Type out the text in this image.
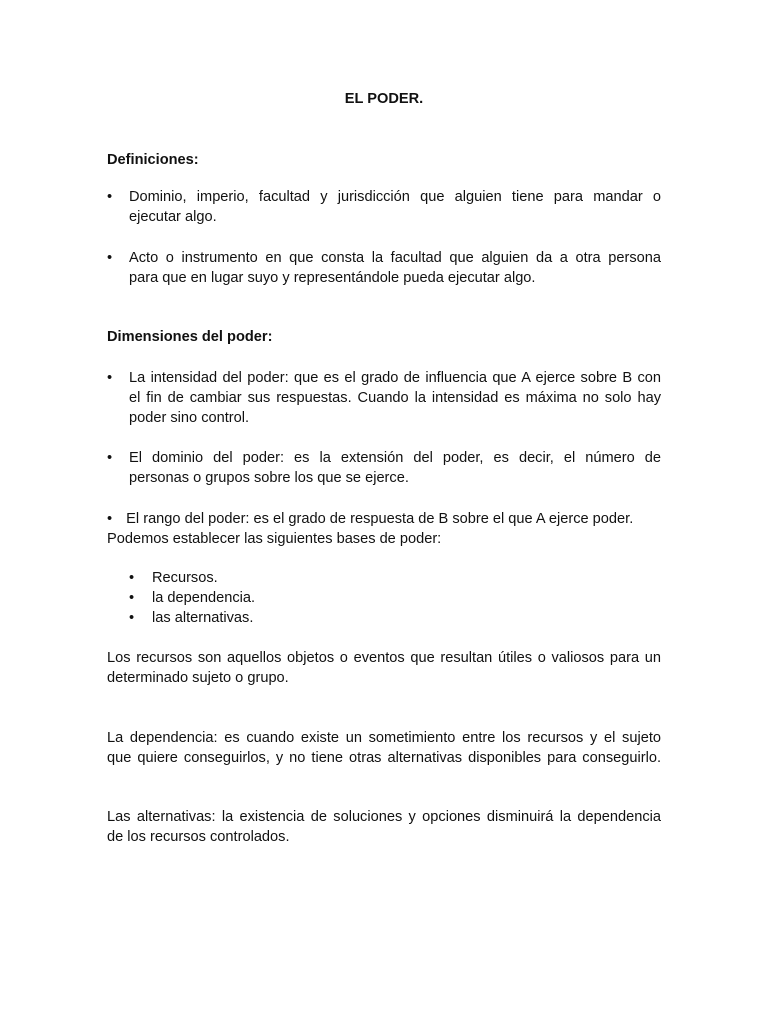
EL PODER.
Definiciones:
• Dominio, imperio, facultad y jurisdicción que alguien tiene para mandar o
ejecutar algo.
• Acto o instrumento en que consta la facultad que alguien da a otra persona
para que en lugar suyo y representándole pueda ejecutar algo.
Dimensiones del poder:
• La intensidad del poder: que es el grado de influencia que A ejerce sobre B con
el fin de cambiar sus respuestas. Cuando la intensidad es máxima no solo hay
poder sino control.
• El dominio del poder: es la extensión del poder, es decir, el número de
personas o grupos sobre los que se ejerce.
• El rango del poder: es el grado de respuesta de B sobre el que A ejerce poder.
Podemos establecer las siguientes bases de poder:
• Recursos.
• la dependencia.
• las alternativas.
Los recursos son aquellos objetos o eventos que resultan útiles o valiosos para un
determinado sujeto o grupo.
La dependencia: es cuando existe un sometimiento entre los recursos y el sujeto
que quiere conseguirlos, y no tiene otras alternativas disponibles para conseguirlo.
Las alternativas: la existencia de soluciones y opciones disminuirá la dependencia
de los recursos controlados.
